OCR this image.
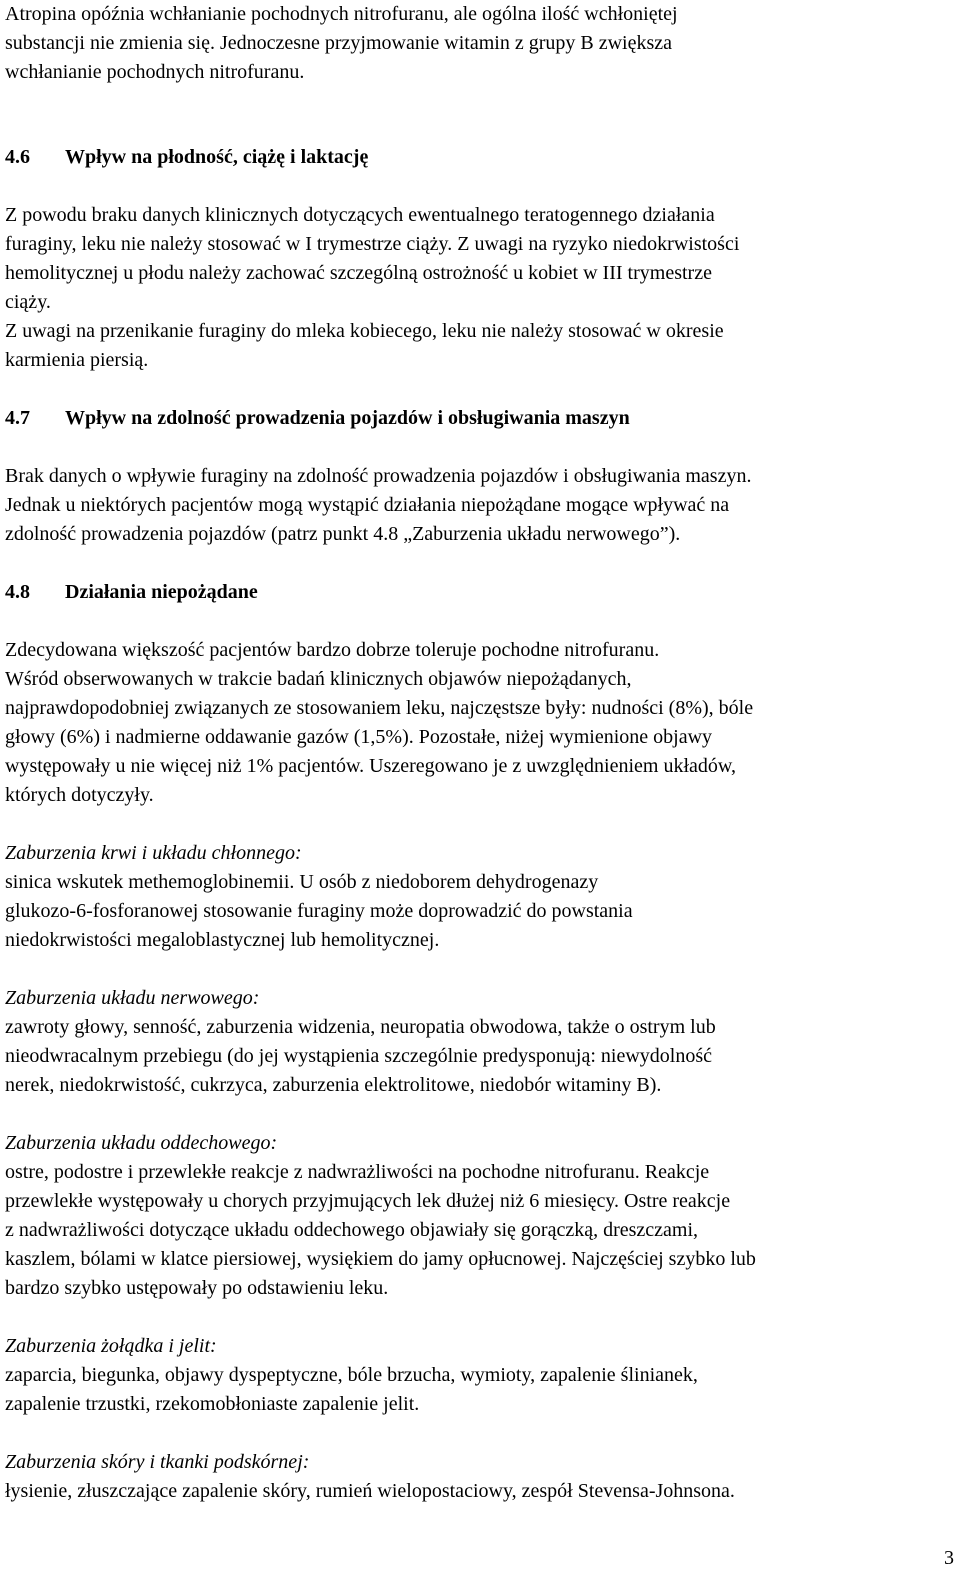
Atropina opóźnia wchłanianie pochodnych nitrofuranu, ale ogólna ilość wchłoniętej
substancji nie zmienia się. Jednoczesne przyjmowanie witamin z grupy B zwiększa
wchłanianie pochodnych nitrofuranu.
4.6 Wpływ na płodność, ciążę i laktację
Z powodu braku danych klinicznych dotyczących ewentualnego teratogennego działania
furaginy, leku nie należy stosować w I trymestrze ciąży. Z uwagi na ryzyko niedokrwistości
hemolitycznej u płodu należy zachować szczególną ostrożność u kobiet w III trymestrze
ciąży.
Z uwagi na przenikanie furaginy do mleka kobiecego, leku nie należy stosować w okresie
karmienia piersią.
4.7 Wpływ na zdolność prowadzenia pojazdów i obsługiwania maszyn
Brak danych o wpływie furaginy na zdolność prowadzenia pojazdów i obsługiwania maszyn.
Jednak u niektórych pacjentów mogą wystąpić działania niepożądane mogące wpływać na
zdolność prowadzenia pojazdów (patrz punkt 4.8 „Zaburzenia układu nerwowego”).
4.8 Działania niepożądane
Zdecydowana większość pacjentów bardzo dobrze toleruje pochodne nitrofuranu.
Wśród obserwowanych w trakcie badań klinicznych objawów niepożądanych,
najprawdopodobniej związanych ze stosowaniem leku, najczęstsze były: nudności (8%), bóle
głowy (6%) i nadmierne oddawanie gazów (1,5%). Pozostałe, niżej wymienione objawy
występowały u nie więcej niż 1% pacjentów. Uszeregowano je z uwzględnieniem układów,
których dotyczyły.
Zaburzenia krwi i układu chłonnego:
sinica wskutek methemoglobinemii. U osób z niedoborem dehydrogenazy
glukozo-6-fosforanowej stosowanie furaginy może doprowadzić do powstania
niedokrwistości megaloblastycznej lub hemolitycznej.
Zaburzenia układu nerwowego:
zawroty głowy, senność, zaburzenia widzenia, neuropatia obwodowa, także o ostrym lub
nieodwracalnym przebiegu (do jej wystąpienia szczególnie predysponują: niewydolność
nerek, niedokrwistość, cukrzyca, zaburzenia elektrolitowe, niedobór witaminy B).
Zaburzenia układu oddechowego:
ostre, podostre i przewlekłe reakcje z nadwrażliwości na pochodne nitrofuranu. Reakcje
przewlekłe występowały u chorych przyjmujących lek dłużej niż 6 miesięcy. Ostre reakcje
z nadwrażliwości dotyczące układu oddechowego objawiały się gorączką, dreszczami,
kaszlem, bólami w klatce piersiowej, wysiękiem do jamy opłucnowej. Najczęściej szybko lub
bardzo szybko ustępowały po odstawieniu leku.
Zaburzenia żołądka i jelit:
zaparcia, biegunka, objawy dyspeptyczne, bóle brzucha, wymioty, zapalenie ślinianek,
zapalenie trzustki, rzekomobłoniaste zapalenie jelit.
Zaburzenia skóry i tkanki podskórnej:
łysienie, złuszczające zapalenie skóry, rumień wielopostaciowy, zespół Stevensa-Johnsona.
3
